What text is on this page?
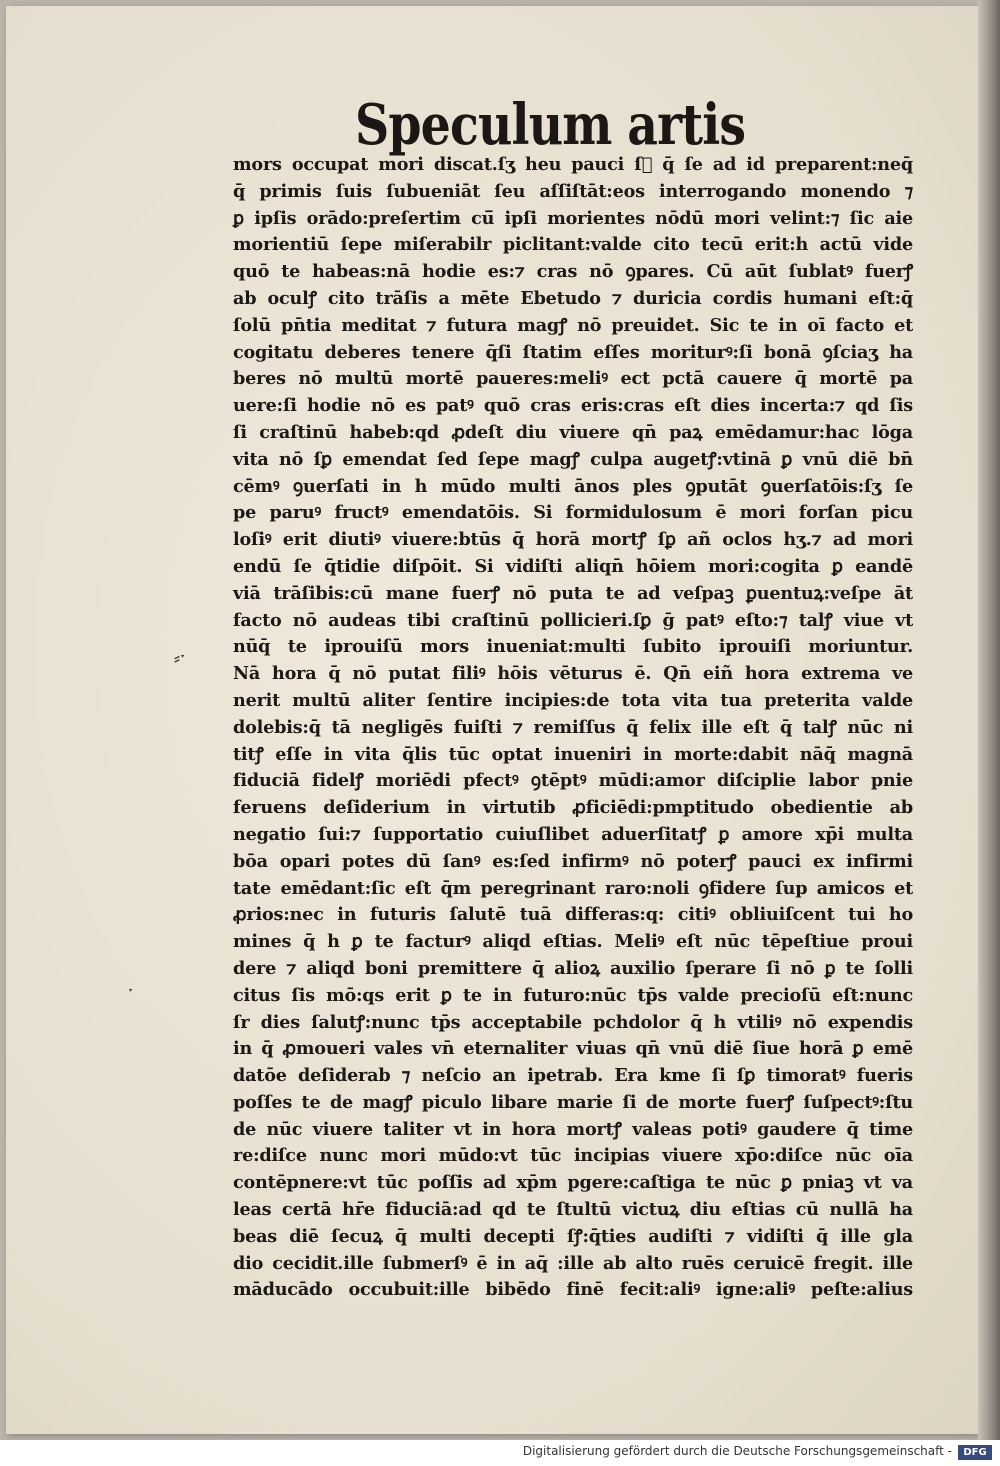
Speculum artis
mors occupat mori discat.ſʒ heu pauci ſᷓ q̄ ſe ad id preparent:neq̄
q̄ primis ſuis ſubueniāt ſeu aſſiſtāt:eos interrogando monendo ⁊
ꝑ ipſis orādo:preſertim cū̄ ipſi morientes nōdū mori velint:⁊ ſic aie
morientiū ſepe miſerabilr piclitant:valde cito tecū erit:h actū vide
quō te habeas:nā hodie es:⁊ cras nō ꝯpares. Cū aūt ſublatꝰ fuerꝭ
ab oculꝭ cito trāſis a mēte Ebetudo ⁊ duricia cordis humani eſt:q̄
ſolū pn̄tia meditat ⁊ futura magꝭ nō preuidet. Sic te in oī facto et
cogitatu deberes tenere q̄ſi ſtatim eſſes moriturꝰ:ſi bonā ꝯſciaʒ ha
beres nō multū mortē paueres:meliꝰ ect pctā cauere q̄ mortē pa
uere:ſi hodie nō es patꝰ quō cras eris:cras eſt dies incerta:⁊ qd ſis
ſi craſtinū habeb:qd ꝓdeſt diu viuere qn̄ paꝝ emēdamur:hac lōga
vita nō ſꝑ emendat ſed ſepe magꝭ culpa augetꝭ:vtinā ꝑ vnū diē bn̄
cēmꝰ ꝯuerſati in h mūdo multi ānos ples ꝯputāt ꝯuerſatōis:ſʒ ſe
pe paruꝰ fructꝰ emendatōis. Si formidulosum ē mori forſan picu
loſiꝰ erit diutiꝰ viuere:btūs q̄ horā mortꝭ ſꝑ añ oclos hʒ.⁊ ad mori
endū ſe q̄tidie diſpōit. Si vidiſti aliqn̄ hōiem mori:cogita ꝑ eandē
viā trāſibis:cū mane fuerꝭ nō puta te ad veſpaꝫ ꝑuentuꝝ:veſpe āt
facto nō audeas tibi craſtinū pollicieri.ſꝑ ḡ patꝰ eſto:⁊ talꝭ viue vt
nūq̄ te iprouiſū mors inueniat:multi ſubito iprouiſi moriuntur.
Nā hora q̄ nō putat filiꝰ hōis vēturus ē. Qn̄ eiñ hora extrema ve
nerit multū aliter ſentire incipies:de tota vita tua preterita valde
dolebis:q̄ tā negligēs fuiſti ⁊ remiſſus q̄ felix ille eſt q̄ talꝭ nūc ni
titꝭ eſſe in vita q̄lis tūc optat inueniri in morte:dabit nāq̄ magnā
fiduciā fidelꝭ moriēdi pfectꝰ ꝯtēptꝰ mūdi:amor diſciplie labor pnie
feruens deſiderium in virtutib ꝓficiēdi:pmptitudo obedientie ab
negatio ſui:⁊ ſupportatio cuiuſlibet aduerſitatꝭ ꝑ amore xp̄i multa
bōa opari potes dū ſanꝰ es:ſed infirmꝰ nō poterꝭ pauci ex infirmi
tate emēdant:ſic eſt q̄m peregrinant raro:noli ꝯfidere ſup amicos et
ꝓrios:nec in futuris ſalutē tuā differas:q: citiꝰ obliuiſcent tui ho
mines q̄ h ꝑ te facturꝰ aliqd eſtias. Meliꝰ eſt nūc tēpeſtiue proui
dere ⁊ aliqd boni premittere q̄ alioꝝ auxilio ſperare ſi nō ꝑ te ſolli
citus ſis mō:qs erit ꝑ te in futuro:nūc tp̄s valde precioſū eſt:nunc
ſr dies ſalutꝭ:nunc tp̄s acceptabile pchdolor q̄ h vtiliꝰ nō expendis
in q̄ ꝓmoueri vales vn̄ eternaliter viuas qn̄ vnū diē ſiue horā ꝑ emē
datōe deſiderab ⁊ neſcio an ipetrab. Era kme ſi ſꝑ timoratꝰ fueris
poſſes te de magꝭ piculo libare marie ſi de morte fuerꝭ ſuſpectꝰ:ſtu
de nūc viuere taliter vt in hora mortꝭ valeas potiꝰ gaudere q̄ time
re:diſce nunc mori mūdo:vt tūc incipias viuere xp̄o:diſce nūc oīa
contēpnere:vt tūc poſſis ad xp̄m pgere:caſtiga te nūc ꝑ pniaꝫ vt va
leas certā hr̄e fiduciā:ad qd te ſtultū victuꝝ diu eſtias cū nullā ha
beas diē ſecuꝝ q̄ multi decepti ſꝭ:q̄ties audiſti ⁊ vidiſti q̄ ille gla
dio cecidit.ille ſubmerſꝰ ē in aq̄ :ille ab alto ruēs ceruicē fregit. ille
māducādo occubuit:ille bibēdo finē fecit:aliꝰ igne:aliꝰ peſte:alius
⸗ˑ
ˑ
Digitalisierung gefördert durch die Deutsche Forschungsgemeinschaft -	DFG
